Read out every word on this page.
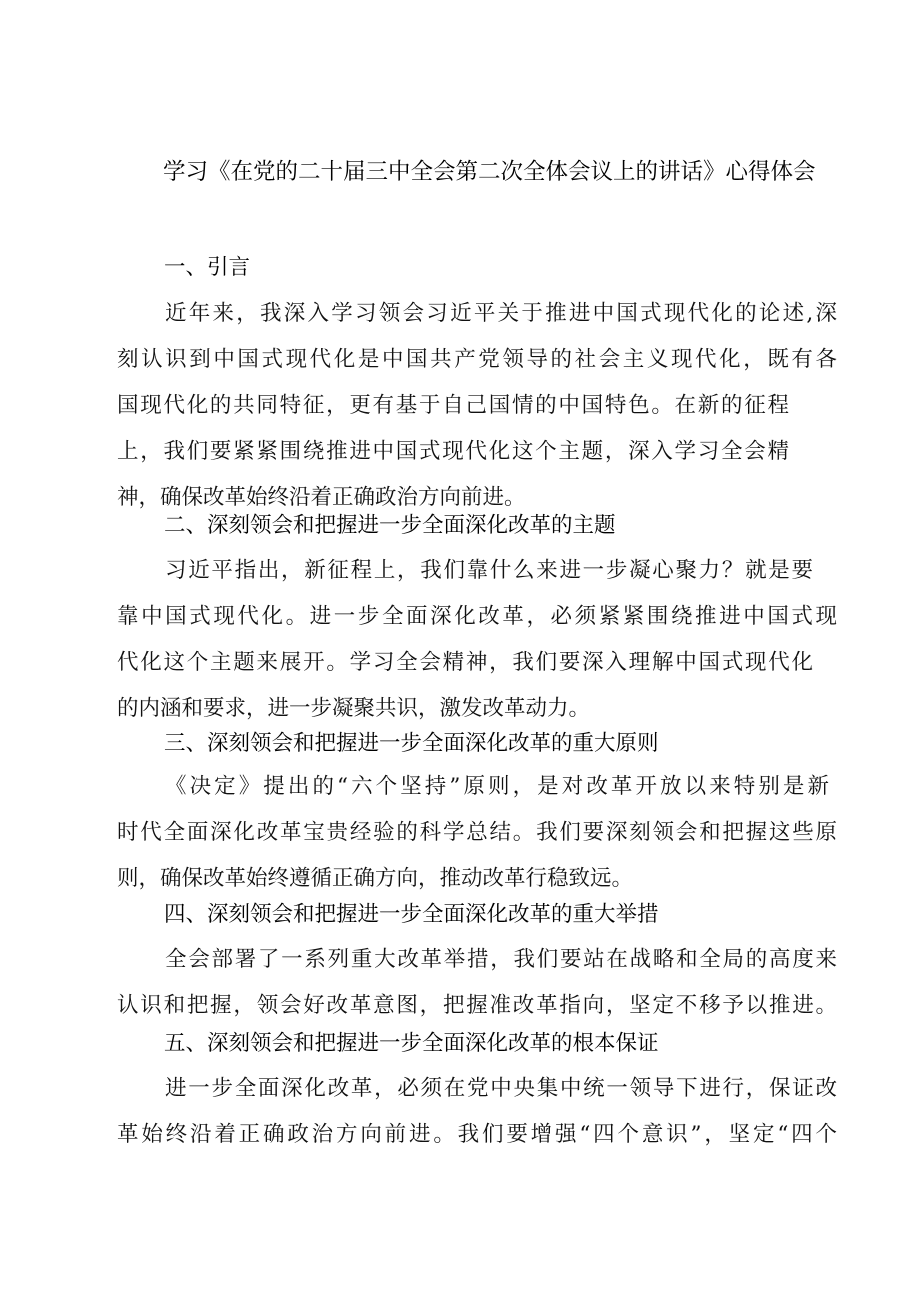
学习《在党的二十届三中全会第二次全体会议上的讲话》心得体会
一、引言
近年来，我深入学习领会习近平关于推进中国式现代化的论述,深
刻认识到中国式现代化是中国共产党领导的社会主义现代化，既有各
国现代化的共同特征，更有基于自己国情的中国特色。在新的征程
上，我们要紧紧围绕推进中国式现代化这个主题，深入学习全会精
神，确保改革始终沿着正确政治方向前进。
二、深刻领会和把握进一步全面深化改革的主题
习近平指出，新征程上，我们靠什么来进一步凝心聚力？就是要
靠中国式现代化。进一步全面深化改革，必须紧紧围绕推进中国式现
代化这个主题来展开。学习全会精神，我们要深入理解中国式现代化
的内涵和要求，进一步凝聚共识，激发改革动力。
三、深刻领会和把握进一步全面深化改革的重大原则
《决定》提出的“六个坚持”原则，是对改革开放以来特别是新
时代全面深化改革宝贵经验的科学总结。我们要深刻领会和把握这些原
则，确保改革始终遵循正确方向，推动改革行稳致远。
四、深刻领会和把握进一步全面深化改革的重大举措
全会部署了一系列重大改革举措，我们要站在战略和全局的高度来
认识和把握，领会好改革意图，把握准改革指向，坚定不移予以推进。
五、深刻领会和把握进一步全面深化改革的根本保证
进一步全面深化改革，必须在党中央集中统一领导下进行，保证改
革始终沿着正确政治方向前进。我们要增强“四个意识”，坚定“四个
